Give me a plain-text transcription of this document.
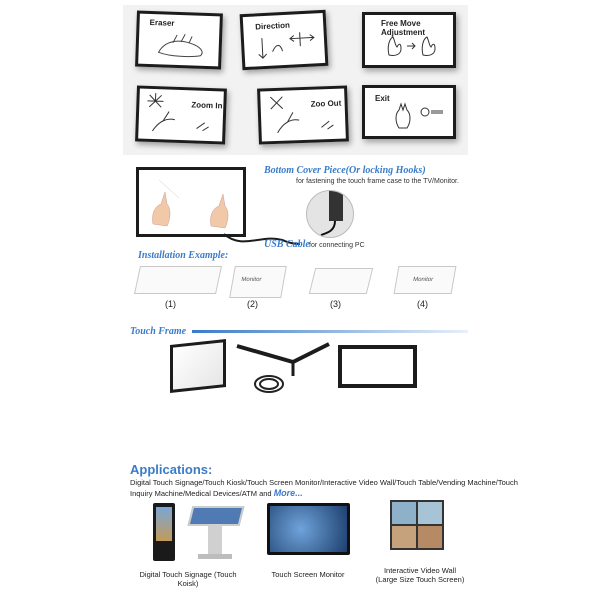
Eraser	Direction	Free Move Adjustment
Zoom In	Zoo Out
Exit
Bottom Cover Piece(Or locking Hooks)
for fastening the touch frame case to the TV/Monitor.
USB Cable for connecting PC
Installation Example:
Monitor	Monitor
(1)	(2)	(3)	(4)
Touch Frame
Applications:
Digital Touch Signage/Touch Kiosk/Touch Screen Monitor/Interactive Video Wall/Touch Table/Vending Machine/Touch
Inquiry Machine/Medical Devices/ATM and More...
Digital Touch Signage (Touch Koisk)
Touch Screen Monitor	Interactive Video Wall
(Large Size Touch Screen)
